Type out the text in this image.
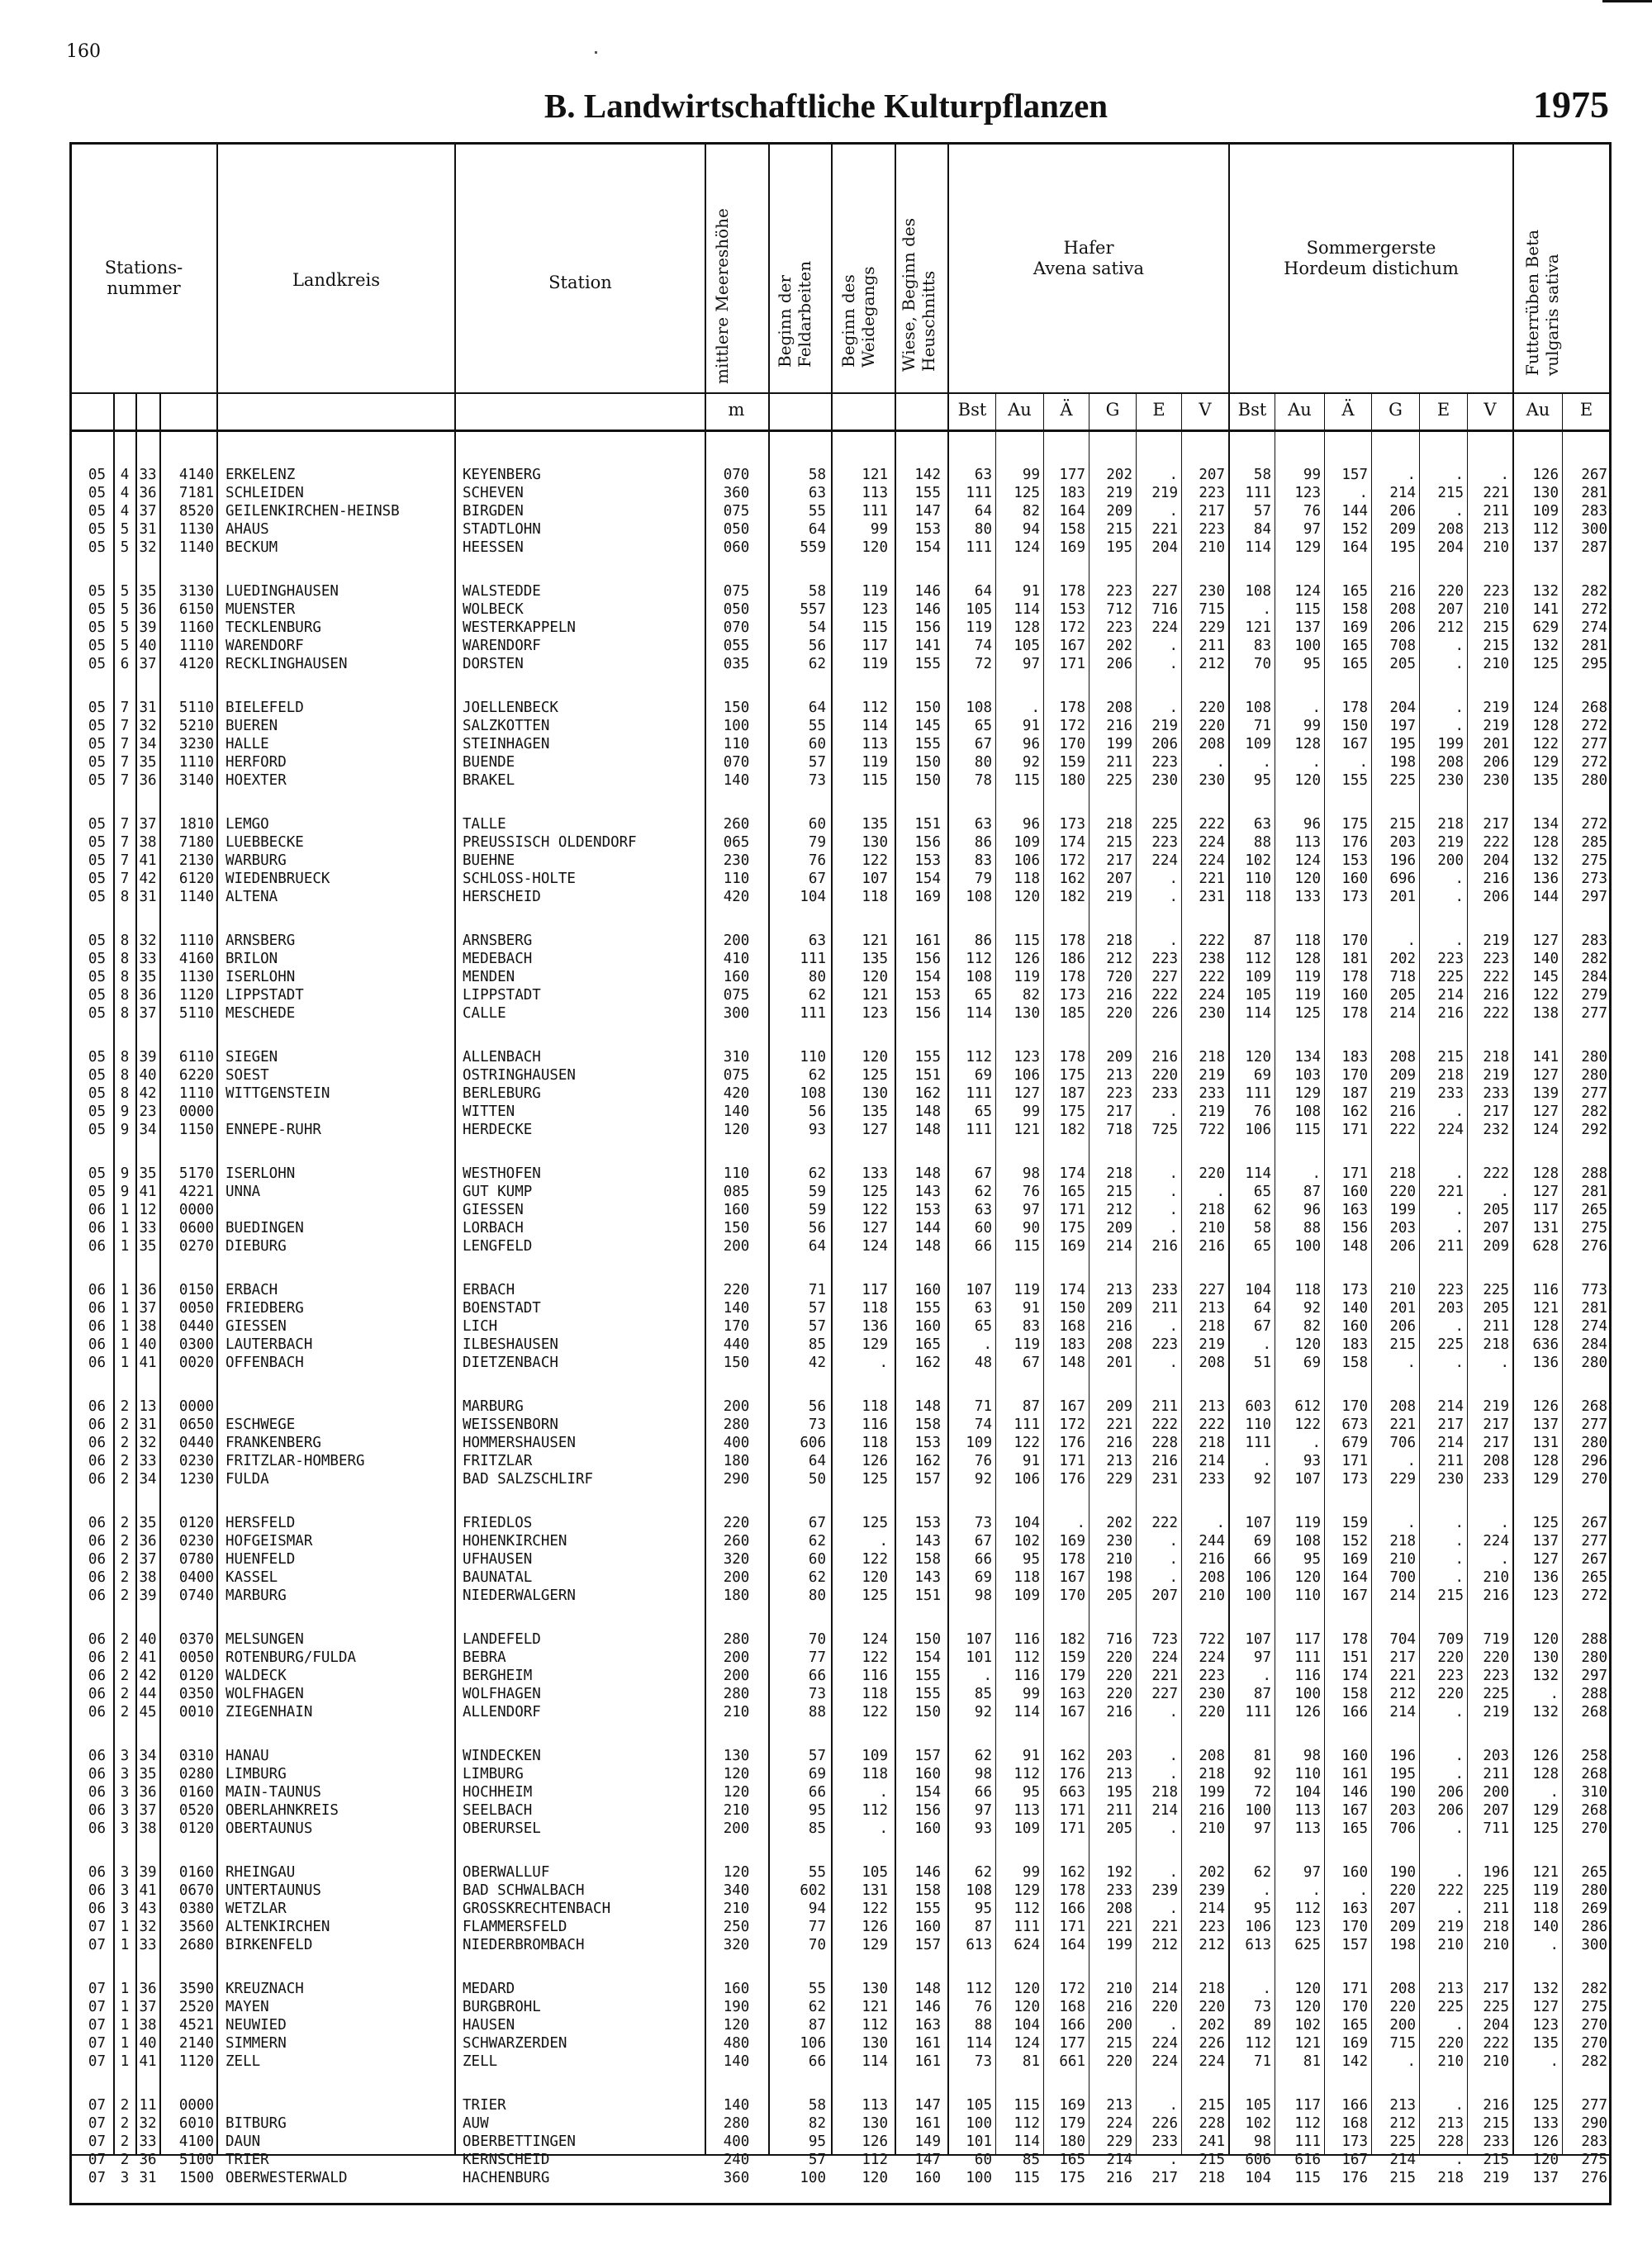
160
B. Landwirtschaftliche Kulturpflanzen	1975
Stations-
nummer	Landkreis	Station	mittlere Meereshöhe	Beginn der Feldarbeiten	Beginn des Weidegangs	Wiese, Beginn des Heuschnitts
Hafer
Avena sativa
Sommergerste
Hordeum distichum	Futterrüben Beta vulgaris sativa
m	Bst	Au	Ä	G	E	V	Bst	Au	Ä	G	E	V	Au	E
05	4 33	4140 ERKELENZ	KEYENBERG	070	58	121	142	63	99	177	202	.	207	58	99	157	.	.	.	126	267
05	4 36	7181 SCHLEIDEN	SCHEVEN	360	63	113	155	111	125	183	219	219	223	111	123	.	214	215	221	130	281
05	4 37	8520 GEILENKIRCHEN-HEINSB	BIRGDEN	075	55	111	147	64	82	164	209	.	217	57	76	144	206	.	211	109	283
05	5 31	1130 AHAUS	STADTLOHN	050	64	99	153	80	94	158	215	221	223	84	97	152	209	208	213	112	300
05	5 32	1140 BECKUM	HEESSEN	060	559	120	154	111	124	169	195	204	210	114	129	164	195	204	210	137	287
05	5 35	3130 LUEDINGHAUSEN	WALSTEDDE	075	58	119	146	64	91	178	223	227	230	108	124	165	216	220	223	132	282
05	5 36	6150 MUENSTER	WOLBECK	050	557	123	146	105	114	153	712	716	715	.	115	158	208	207	210	141	272
05	5 39	1160 TECKLENBURG	WESTERKAPPELN	070	54	115	156	119	128	172	223	224	229	121	137	169	206	212	215	629	274
05	5 40	1110 WARENDORF	WARENDORF	055	56	117	141	74	105	167	202	.	211	83	100	165	708	.	215	132	281
05	6 37	4120 RECKLINGHAUSEN	DORSTEN	035	62	119	155	72	97	171	206	.	212	70	95	165	205	.	210	125	295
05	7 31	5110 BIELEFELD	JOELLENBECK	150	64	112	150	108	.	178	208	.	220	108	.	178	204	.	219	124	268
05	7 32	5210 BUEREN	SALZKOTTEN	100	55	114	145	65	91	172	216	219	220	71	99	150	197	.	219	128	272
05	7 34	3230 HALLE	STEINHAGEN	110	60	113	155	67	96	170	199	206	208	109	128	167	195	199	201	122	277
05	7 35	1110 HERFORD	BUENDE	070	57	119	150	80	92	159	211	223	.	.	.	.	198	208	206	129	272
05	7 36	3140 HOEXTER	BRAKEL	140	73	115	150	78	115	180	225	230	230	95	120	155	225	230	230	135	280
05	7 37	1810 LEMGO	TALLE	260	60	135	151	63	96	173	218	225	222	63	96	175	215	218	217	134	272
05	7 38	7180 LUEBBECKE	PREUSSISCH OLDENDORF	065	79	130	156	86	109	174	215	223	224	88	113	176	203	219	222	128	285
05	7 41	2130 WARBURG	BUEHNE	230	76	122	153	83	106	172	217	224	224	102	124	153	196	200	204	132	275
05	7 42	6120 WIEDENBRUECK	SCHLOSS-HOLTE	110	67	107	154	79	118	162	207	.	221	110	120	160	696	.	216	136	273
05	8 31	1140 ALTENA	HERSCHEID	420	104	118	169	108	120	182	219	.	231	118	133	173	201	.	206	144	297
05	8 32	1110 ARNSBERG	ARNSBERG	200	63	121	161	86	115	178	218	.	222	87	118	170	.	.	219	127	283
05	8 33	4160 BRILON	MEDEBACH	410	111	135	156	112	126	186	212	223	238	112	128	181	202	223	223	140	282
05	8 35	1130 ISERLOHN	MENDEN	160	80	120	154	108	119	178	720	227	222	109	119	178	718	225	222	145	284
05	8 36	1120 LIPPSTADT	LIPPSTADT	075	62	121	153	65	82	173	216	222	224	105	119	160	205	214	216	122	279
05	8 37	5110 MESCHEDE	CALLE	300	111	123	156	114	130	185	220	226	230	114	125	178	214	216	222	138	277
05	8 39	6110 SIEGEN	ALLENBACH	310	110	120	155	112	123	178	209	216	218	120	134	183	208	215	218	141	280
05	8 40	6220 SOEST	OSTRINGHAUSEN	075	62	125	151	69	106	175	213	220	219	69	103	170	209	218	219	127	280
05	8 42	1110 WITTGENSTEIN	BERLEBURG	420	108	130	162	111	127	187	223	233	233	111	129	187	219	233	233	139	277
05	9 23	0000	WITTEN	140	56	135	148	65	99	175	217	.	219	76	108	162	216	.	217	127	282
05	9 34	1150 ENNEPE-RUHR	HERDECKE	120	93	127	148	111	121	182	718	725	722	106	115	171	222	224	232	124	292
05	9 35	5170 ISERLOHN	WESTHOFEN	110	62	133	148	67	98	174	218	.	220	114	.	171	218	.	222	128	288
05	9 41	4221 UNNA	GUT KUMP	085	59	125	143	62	76	165	215	.	.	65	87	160	220	221	.	127	281
06	1 12	0000	GIESSEN	160	59	122	153	63	97	171	212	.	218	62	96	163	199	.	205	117	265
06	1 33	0600 BUEDINGEN	LORBACH	150	56	127	144	60	90	175	209	.	210	58	88	156	203	.	207	131	275
06	1 35	0270 DIEBURG	LENGFELD	200	64	124	148	66	115	169	214	216	216	65	100	148	206	211	209	628	276
06	1 36	0150 ERBACH	ERBACH	220	71	117	160	107	119	174	213	233	227	104	118	173	210	223	225	116	773
06	1 37	0050 FRIEDBERG	BOENSTADT	140	57	118	155	63	91	150	209	211	213	64	92	140	201	203	205	121	281
06	1 38	0440 GIESSEN	LICH	170	57	136	160	65	83	168	216	.	218	67	82	160	206	.	211	128	274
06	1 40	0300 LAUTERBACH	ILBESHAUSEN	440	85	129	165	.	119	183	208	223	219	.	120	183	215	225	218	636	284
06	1 41	0020 OFFENBACH	DIETZENBACH	150	42	.	162	48	67	148	201	.	208	51	69	158	.	.	.	136	280
06	2 13	0000	MARBURG	200	56	118	148	71	87	167	209	211	213	603	612	170	208	214	219	126	268
06	2 31	0650 ESCHWEGE	WEISSENBORN	280	73	116	158	74	111	172	221	222	222	110	122	673	221	217	217	137	277
06	2 32	0440 FRANKENBERG	HOMMERSHAUSEN	400	606	118	153	109	122	176	216	228	218	111	.	679	706	214	217	131	280
06	2 33	0230 FRITZLAR-HOMBERG	FRITZLAR	180	64	126	162	76	91	171	213	216	214	.	93	171	.	211	208	128	296
06	2 34	1230 FULDA	BAD SALZSCHLIRF	290	50	125	157	92	106	176	229	231	233	92	107	173	229	230	233	129	270
06	2 35	0120 HERSFELD	FRIEDLOS	220	67	125	153	73	104	.	202	222	.	107	119	159	.	.	.	125	267
06	2 36	0230 HOFGEISMAR	HOHENKIRCHEN	260	62	.	143	67	102	169	230	.	244	69	108	152	218	.	224	137	277
06	2 37	0780 HUENFELD	UFHAUSEN	320	60	122	158	66	95	178	210	.	216	66	95	169	210	.	.	127	267
06	2 38	0400 KASSEL	BAUNATAL	200	62	120	143	69	118	167	198	.	208	106	120	164	700	.	210	136	265
06	2 39	0740 MARBURG	NIEDERWALGERN	180	80	125	151	98	109	170	205	207	210	100	110	167	214	215	216	123	272
06	2 40	0370 MELSUNGEN	LANDEFELD	280	70	124	150	107	116	182	716	723	722	107	117	178	704	709	719	120	288
06	2 41	0050 ROTENBURG/FULDA	BEBRA	200	77	122	154	101	112	159	220	224	224	97	111	151	217	220	220	130	280
06	2 42	0120 WALDECK	BERGHEIM	200	66	116	155	.	116	179	220	221	223	.	116	174	221	223	223	132	297
06	2 44	0350 WOLFHAGEN	WOLFHAGEN	280	73	118	155	85	99	163	220	227	230	87	100	158	212	220	225	.	288
06	2 45	0010 ZIEGENHAIN	ALLENDORF	210	88	122	150	92	114	167	216	.	220	111	126	166	214	.	219	132	268
06	3 34	0310 HANAU	WINDECKEN	130	57	109	157	62	91	162	203	.	208	81	98	160	196	.	203	126	258
06	3 35	0280 LIMBURG	LIMBURG	120	69	118	160	98	112	176	213	.	218	92	110	161	195	.	211	128	268
06	3 36	0160 MAIN-TAUNUS	HOCHHEIM	120	66	.	154	66	95	663	195	218	199	72	104	146	190	206	200	.	310
06	3 37	0520 OBERLAHNKREIS	SEELBACH	210	95	112	156	97	113	171	211	214	216	100	113	167	203	206	207	129	268
06	3 38	0120 OBERTAUNUS	OBERURSEL	200	85	.	160	93	109	171	205	.	210	97	113	165	706	.	711	125	270
06	3 39	0160 RHEINGAU	OBERWALLUF	120	55	105	146	62	99	162	192	.	202	62	97	160	190	.	196	121	265
06	3 41	0670 UNTERTAUNUS	BAD SCHWALBACH	340	602	131	158	108	129	178	233	239	239	.	.	.	220	222	225	119	280
06	3 43	0380 WETZLAR	GROSSKRECHTENBACH	210	94	122	155	95	112	166	208	.	214	95	112	163	207	.	211	118	269
07	1 32	3560 ALTENKIRCHEN	FLAMMERSFELD	250	77	126	160	87	111	171	221	221	223	106	123	170	209	219	218	140	286
07	1 33	2680 BIRKENFELD	NIEDERBROMBACH	320	70	129	157	613	624	164	199	212	212	613	625	157	198	210	210	.	300
07	1 36	3590 KREUZNACH	MEDARD	160	55	130	148	112	120	172	210	214	218	.	120	171	208	213	217	132	282
07	1 37	2520 MAYEN	BURGBROHL	190	62	121	146	76	120	168	216	220	220	73	120	170	220	225	225	127	275
07	1 38	4521 NEUWIED	HAUSEN	120	87	112	163	88	104	166	200	.	202	89	102	165	200	.	204	123	270
07	1 40	2140 SIMMERN	SCHWARZERDEN	480	106	130	161	114	124	177	215	224	226	112	121	169	715	220	222	135	270
07	1 41	1120 ZELL	ZELL	140	66	114	161	73	81	661	220	224	224	71	81	142	.	210	210	.	282
07	2 11	0000	TRIER	140	58	113	147	105	115	169	213	.	215	105	117	166	213	.	216	125	277
07	2 32	6010 BITBURG	AUW	280	82	130	161	100	112	179	224	226	228	102	112	168	212	213	215	133	290
07	2 33	4100 DAUN	OBERBETTINGEN	400	95	126	149	101	114	180	229	233	241	98	111	173	225	228	233	126	283
07	2 36	5100 TRIER	KERNSCHEID	240	57	112	147	60	85	165	214	.	215	606	616	167	214	.	215	120	275
07	3 31	1500 OBERWESTERWALD	HACHENBURG	360	100	120	160	100	115	175	216	217	218	104	115	176	215	218	219	137	276
